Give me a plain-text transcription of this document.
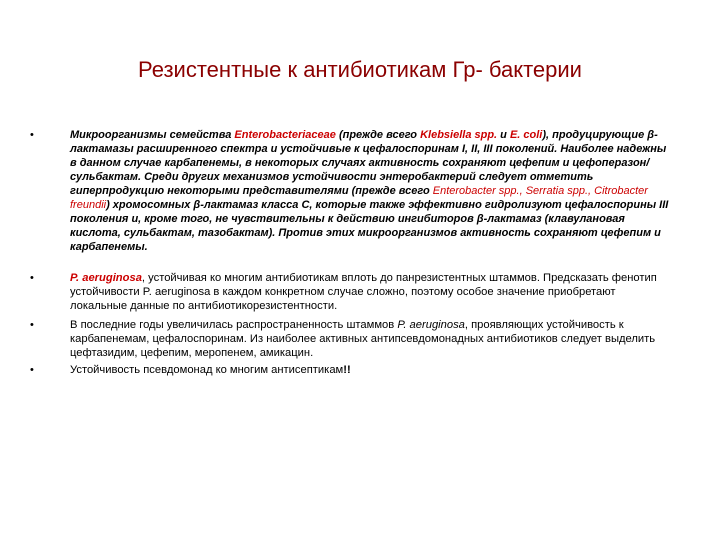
Резистентные к антибиотикам Гр- бактерии
•	Микроорганизмы семейства Enterobacteriaceae (прежде всего Klebsiella spp. и E. coli), продуцирующие β-лактамазы расширенного спектра и устойчивые к цефалоспоринам I, II, III поколений. Наиболее надежны в данном случае карбапенемы, в некоторых случаях активность сохраняют цефепим и цефоперазон/сульбактам. Среди других механизмов устойчивости энтеробактерий следует отметить гиперпродукцию некоторыми представителями (прежде всего Enterobacter spp., Serratia spp., Citrobacter freundii) хромосомных β-лактамаз класса С, которые также эффективно гидролизуют цефалоспорины III поколения и, кроме того, не чувствительны к действию ингибиторов β-лактамаз (клавулановая кислота, сульбактам, тазобактам). Против этих микроорганизмов активность сохраняют цефепим и карбапенемы.
•	P. aeruginosa, устойчивая ко многим антибиотикам вплоть до панрезистентных штаммов. Предсказать фенотип устойчивости P. aeruginosa в каждом конкретном случае сложно, поэтому особое значение приобретают локальные данные по антибиотикорезистентности.
•	В последние годы увеличилась распространенность штаммов P. aeruginosa, проявляющих устойчивость к карбапенемам, цефалоспоринам. Из наиболее активных антипсевдомонадных антибиотиков следует выделить цефтазидим, цефепим, меропенем, амикацин.
•	Устойчивость псевдомонад ко многим антисептикам!!
